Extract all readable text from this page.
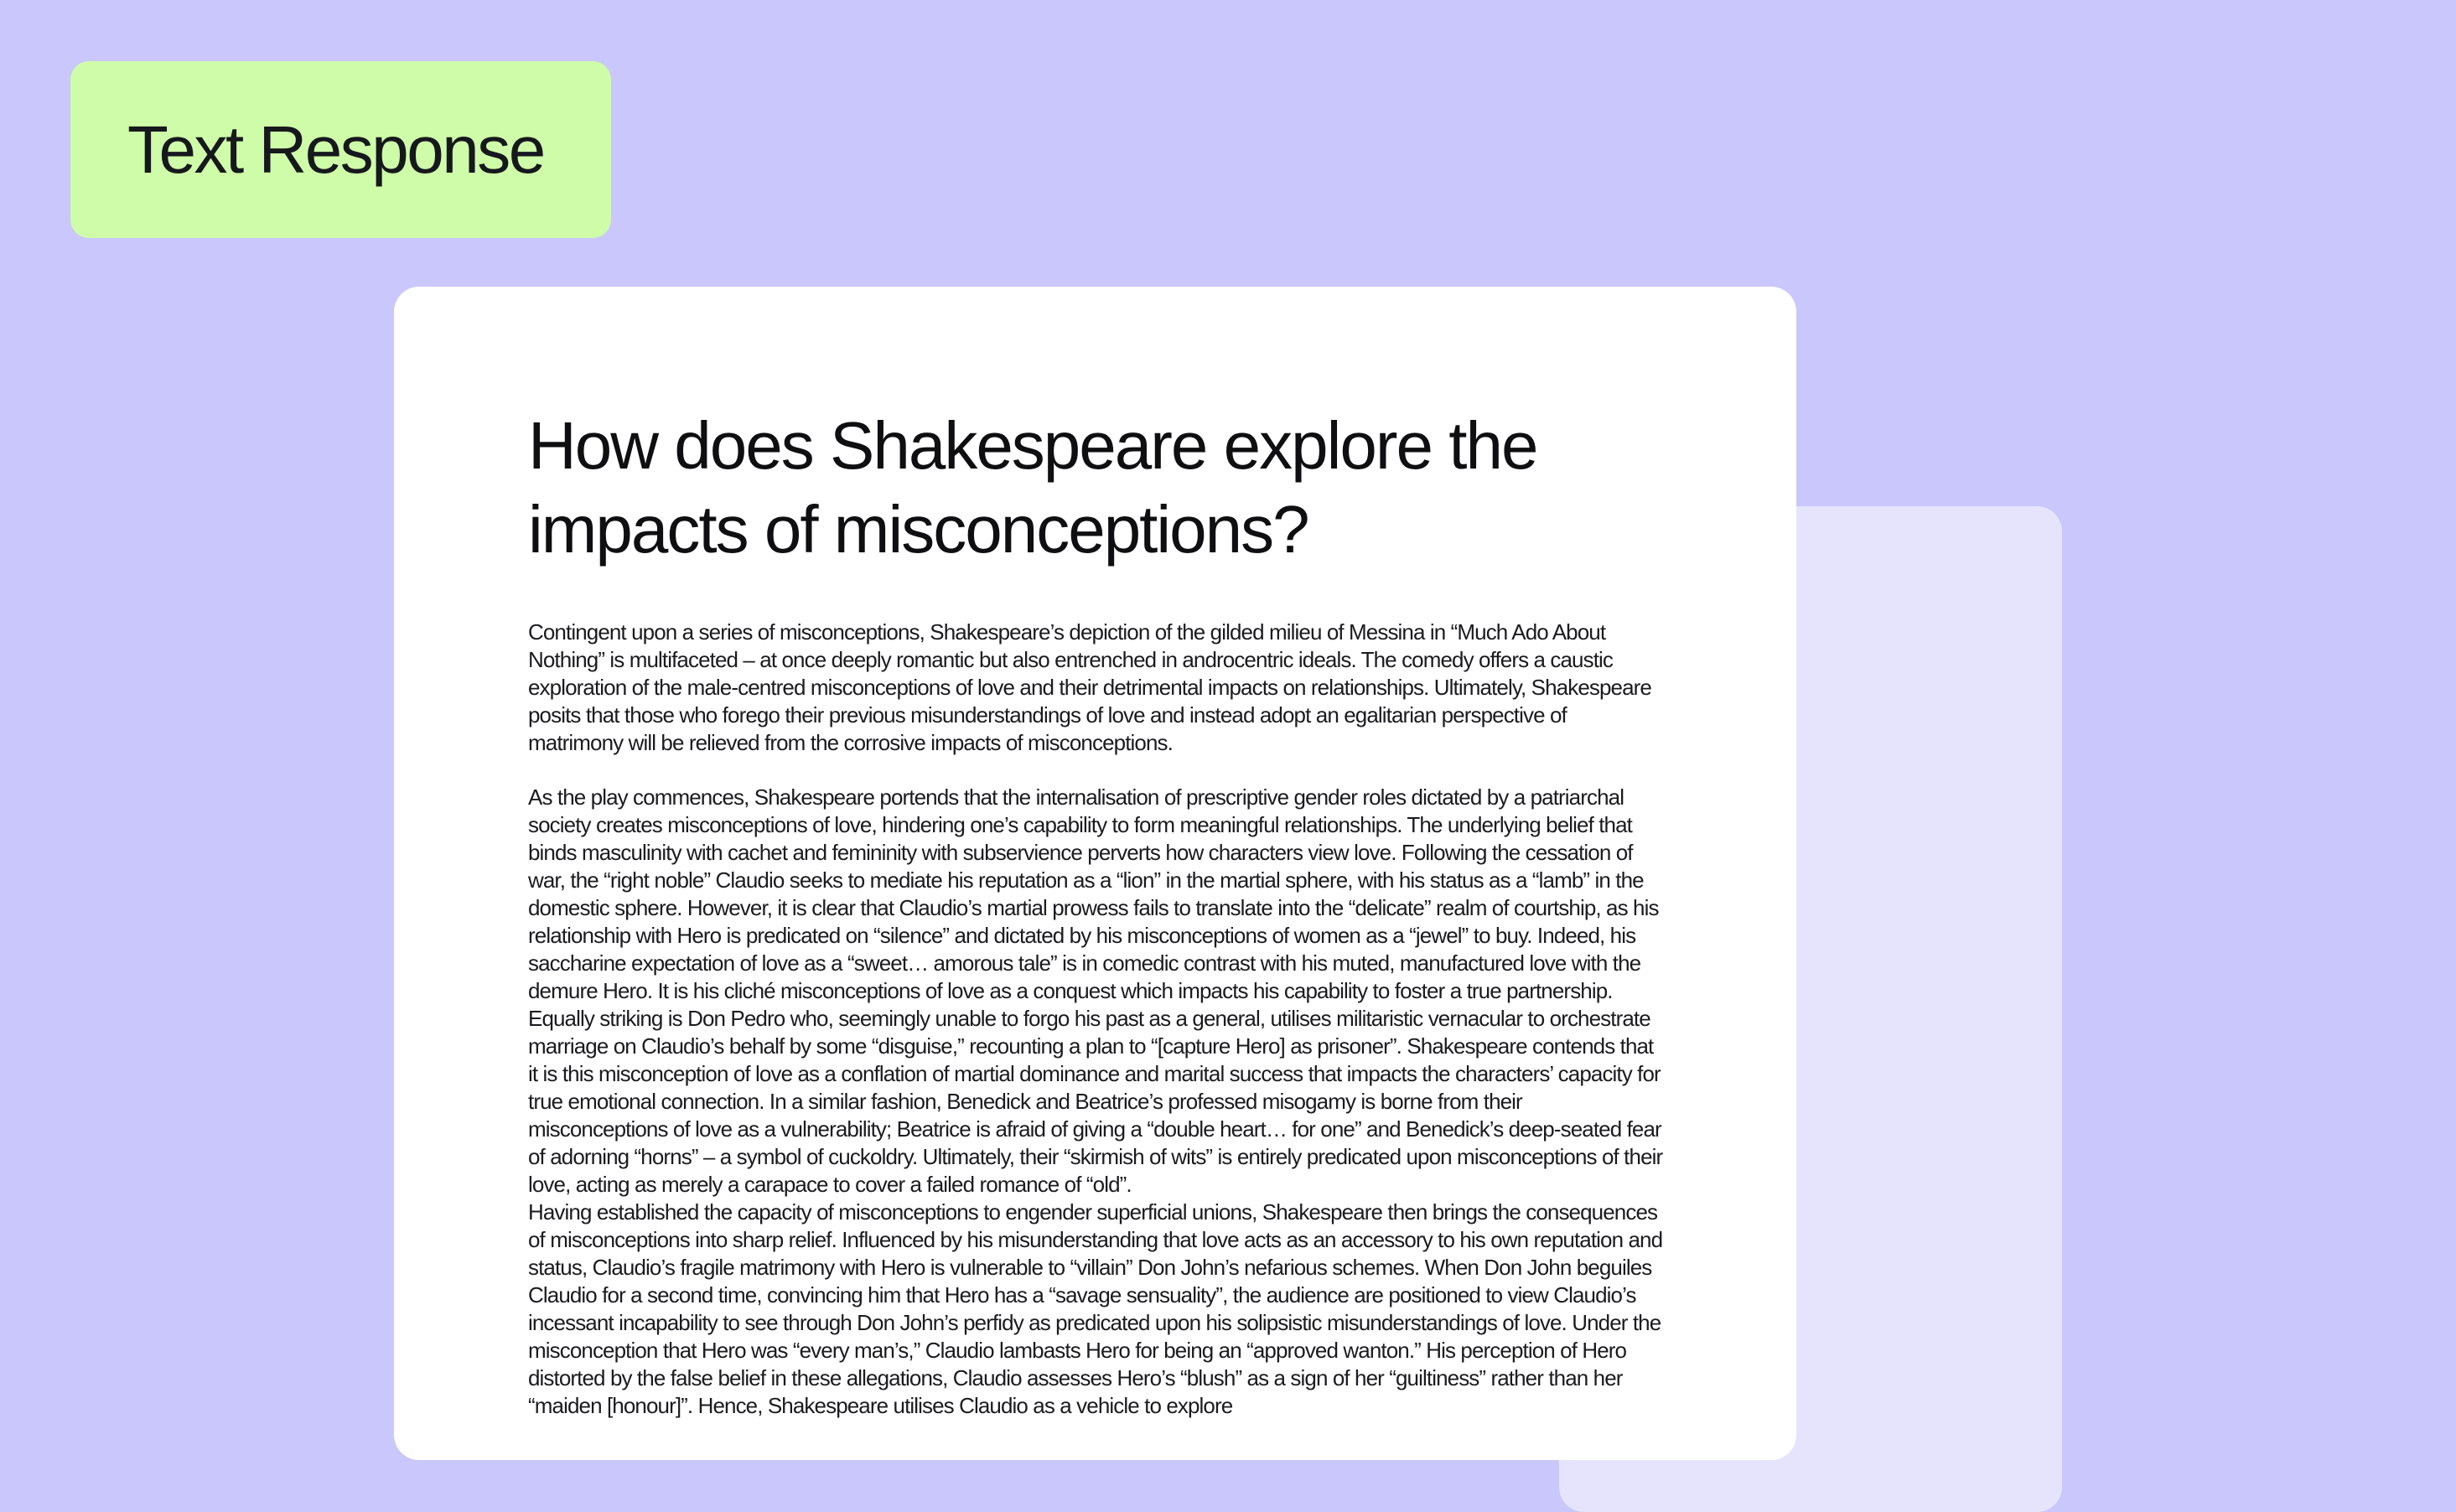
Text Response

How does Shakespeare explore the impacts of misconceptions?

Contingent upon a series of misconceptions, Shakespeare’s depiction of the gilded milieu of Messina in “Much Ado About Nothing” is multifaceted – at once deeply romantic but also entrenched in androcentric ideals. The comedy offers a caustic exploration of the male-centred misconceptions of love and their detrimental impacts on relationships. Ultimately, Shakespeare posits that those who forego their previous misunderstandings of love and instead adopt an egalitarian perspective of matrimony will be relieved from the corrosive impacts of misconceptions.

As the play commences, Shakespeare portends that the internalisation of prescriptive gender roles dictated by a patriarchal society creates misconceptions of love, hindering one’s capability to form meaningful relationships. The underlying belief that binds masculinity with cachet and femininity with subservience perverts how characters view love. Following the cessation of war, the “right noble” Claudio seeks to mediate his reputation as a “lion” in the martial sphere, with his status as a “lamb” in the domestic sphere. However, it is clear that Claudio’s martial prowess fails to translate into the “delicate” realm of courtship, as his relationship with Hero is predicated on “silence” and dictated by his misconceptions of women as a “jewel” to buy. Indeed, his saccharine expectation of love as a “sweet… amorous tale” is in comedic contrast with his muted, manufactured love with the demure Hero. It is his cliché misconceptions of love as a conquest which impacts his capability to foster a true partnership. Equally striking is Don Pedro who, seemingly unable to forgo his past as a general, utilises militaristic vernacular to orchestrate marriage on Claudio’s behalf by some “disguise,” recounting a plan to “[capture Hero] as prisoner”. Shakespeare contends that it is this misconception of love as a conflation of martial dominance and marital success that impacts the characters’ capacity for true emotional connection. In a similar fashion, Benedick and Beatrice’s professed misogamy is borne from their misconceptions of love as a vulnerability; Beatrice is afraid of giving a “double heart… for one” and Benedick’s deep-seated fear of adorning “horns” – a symbol of cuckoldry. Ultimately, their “skirmish of wits” is entirely predicated upon misconceptions of their love, acting as merely a carapace to cover a failed romance of “old”.

Having established the capacity of misconceptions to engender superficial unions, Shakespeare then brings the consequences of misconceptions into sharp relief. Influenced by his misunderstanding that love acts as an accessory to his own reputation and status, Claudio’s fragile matrimony with Hero is vulnerable to “villain” Don John’s nefarious schemes. When Don John beguiles Claudio for a second time, convincing him that Hero has a “savage sensuality”, the audience are positioned to view Claudio’s incessant incapability to see through Don John’s perfidy as predicated upon his solipsistic misunderstandings of love. Under the misconception that Hero was “every man’s,” Claudio lambasts Hero for being an “approved wanton.” His perception of Hero distorted by the false belief in these allegations, Claudio assesses Hero’s “blush” as a sign of her “guiltiness” rather than her “maiden [honour]”. Hence, Shakespeare utilises Claudio as a vehicle to explore
